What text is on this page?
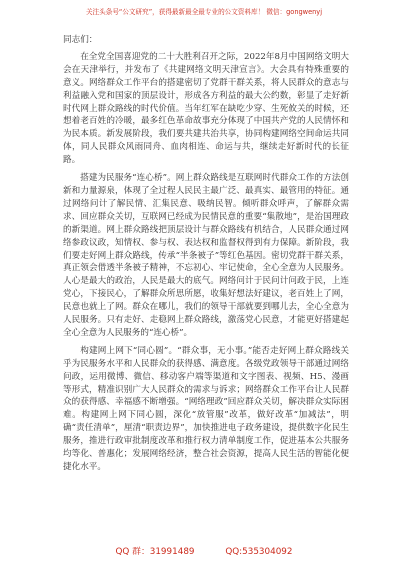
关注头条号“公文研究”，获得最新最全最专业的公文资料库！ 微信：gongwenyj

同志们：

在全党全国喜迎党的二十大胜利召开之际，2022年8月中国网络文明大会在天津举行，并发布了《共建网络文明天津宣言》。大会具有特殊重要的意义。网络群众工作平台的搭建密切了党群干群关系，将人民群众的意志与利益融入党和国家的顶层设计，形成各方利益的最大公约数，彰显了走好新时代网上群众路线的时代价值。当年红军在缺吃少穿、生死攸关的时候，还想着老百姓的冷暖，最多红色革命故事充分体现了中国共产党的人民情怀和为民本质。新发展阶段，我们要共建共治共享，协同构建网络空间命运共同体，同人民群众风雨同舟、血肉相连、命运与共，继续走好新时代的长征路。

搭建为民服务“连心桥”。网上群众路线是互联网时代群众工作的方法创新和力量源泉，体现了全过程人民民主最广泛、最真实、最管用的特征。通过网络问计了解民情、汇集民意、吸纳民智。倾听群众呼声，了解群众需求、回应群众关切，互联网已经成为民情民意的重要“集散地”，是治国理政的新渠道。网上群众路线把顶层设计与群众路线有机结合，人民群众通过网络参政议政，知情权、参与权、表达权和监督权得到有力保障。新阶段，我们要走好网上群众路线，传承“半条被子”等红色基因。密切党群干群关系，真正领会借透半条被子精神，不忘初心、牢记使命，全心全意为人民服务。人心是最大的政治，人民是最大的底气。网络问计于民问计问政于民，上连党心，下接民心，了解群众所思所愿，收集好想法好建议，老百姓上了网，民意也就上了网。群众在哪儿，我们的领导干部就要到哪儿去，全心全意为人民服务。只有走好、走稳网上群众路线，激荡党心民意，才能更好搭建起全心全意为人民服务的“连心桥”。

构建网上网下“同心圆”。“群众事，无小事。”能否走好网上群众路线关乎为民服务水平和人民群众的获得感、满意度。各级党政领导干部通过网络问政，运用微博、微信、移动客户端等渠道和文字图表、视频、H5、漫画等形式，精准识别广大人民群众的需求与诉求；网络群众工作平台让人民群众的获得感、幸福感不断增强。“网络理政”回应群众关切，解决群众实际困难。构建网上网下同心圆，深化“放管服”改革，做好改革“加减法”，明确“责任清单”，厘清“职责边界”，加快推进电子政务建设，提供数字化民生服务，推进行政审批制度改革和推行权力清单制度工作，促进基本公共服务均等化、普惠化；发展网络经济，整合社会资源，提高人民生活的智能化便捷化水平。

QQ 群：31991489	QQ:535304092
